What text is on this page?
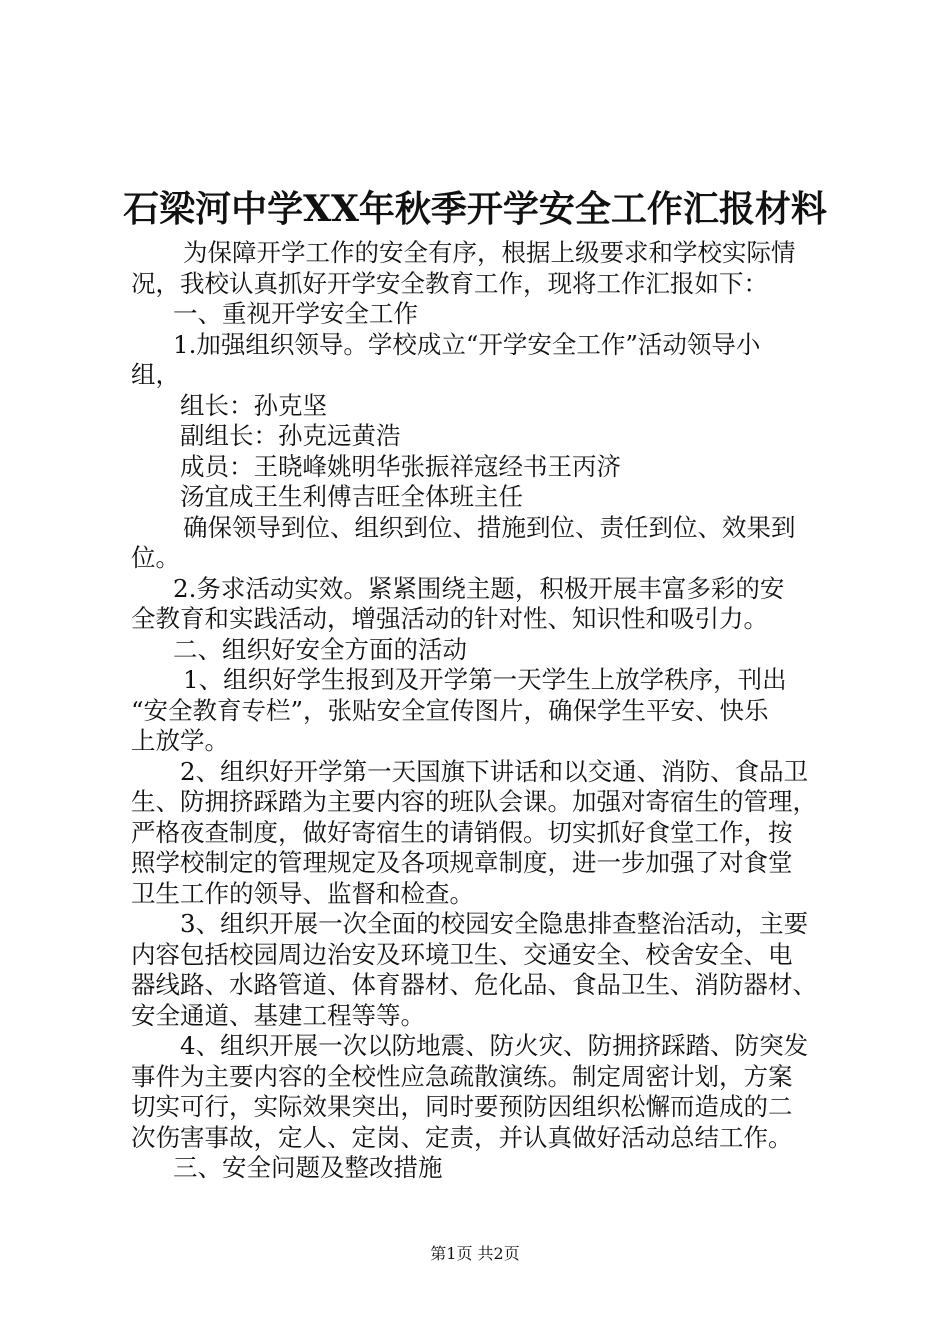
石梁河中学XX年秋季开学安全工作汇报材料
为保障开学工作的安全有序，根据上级要求和学校实际情
况，我校认真抓好开学安全教育工作，现将工作汇报如下：
一、重视开学安全工作
1.加强组织领导。学校成立“开学安全工作”活动领导小
组，
组长：孙克坚
副组长：孙克远黄浩
成员：王晓峰姚明华张振祥寇经书王丙济
汤宜成王生利傅吉旺全体班主任
确保领导到位、组织到位、措施到位、责任到位、效果到
位。
2.务求活动实效。紧紧围绕主题，积极开展丰富多彩的安
全教育和实践活动，增强活动的针对性、知识性和吸引力。
二、组织好安全方面的活动
1、组织好学生报到及开学第一天学生上放学秩序，刊出
“安全教育专栏”，张贴安全宣传图片，确保学生平安、快乐
上放学。
2、组织好开学第一天国旗下讲话和以交通、消防、食品卫
生、防拥挤踩踏为主要内容的班队会课。加强对寄宿生的管理，
严格夜查制度，做好寄宿生的请销假。切实抓好食堂工作，按
照学校制定的管理规定及各项规章制度，进一步加强了对食堂
卫生工作的领导、监督和检查。
3、组织开展一次全面的校园安全隐患排查整治活动，主要
内容包括校园周边治安及环境卫生、交通安全、校舍安全、电
器线路、水路管道、体育器材、危化品、食品卫生、消防器材、
安全通道、基建工程等等。
4、组织开展一次以防地震、防火灾、防拥挤踩踏、防突发
事件为主要内容的全校性应急疏散演练。制定周密计划，方案
切实可行，实际效果突出，同时要预防因组织松懈而造成的二
次伤害事故，定人、定岗、定责，并认真做好活动总结工作。
三、安全问题及整改措施
第1页 共2页
